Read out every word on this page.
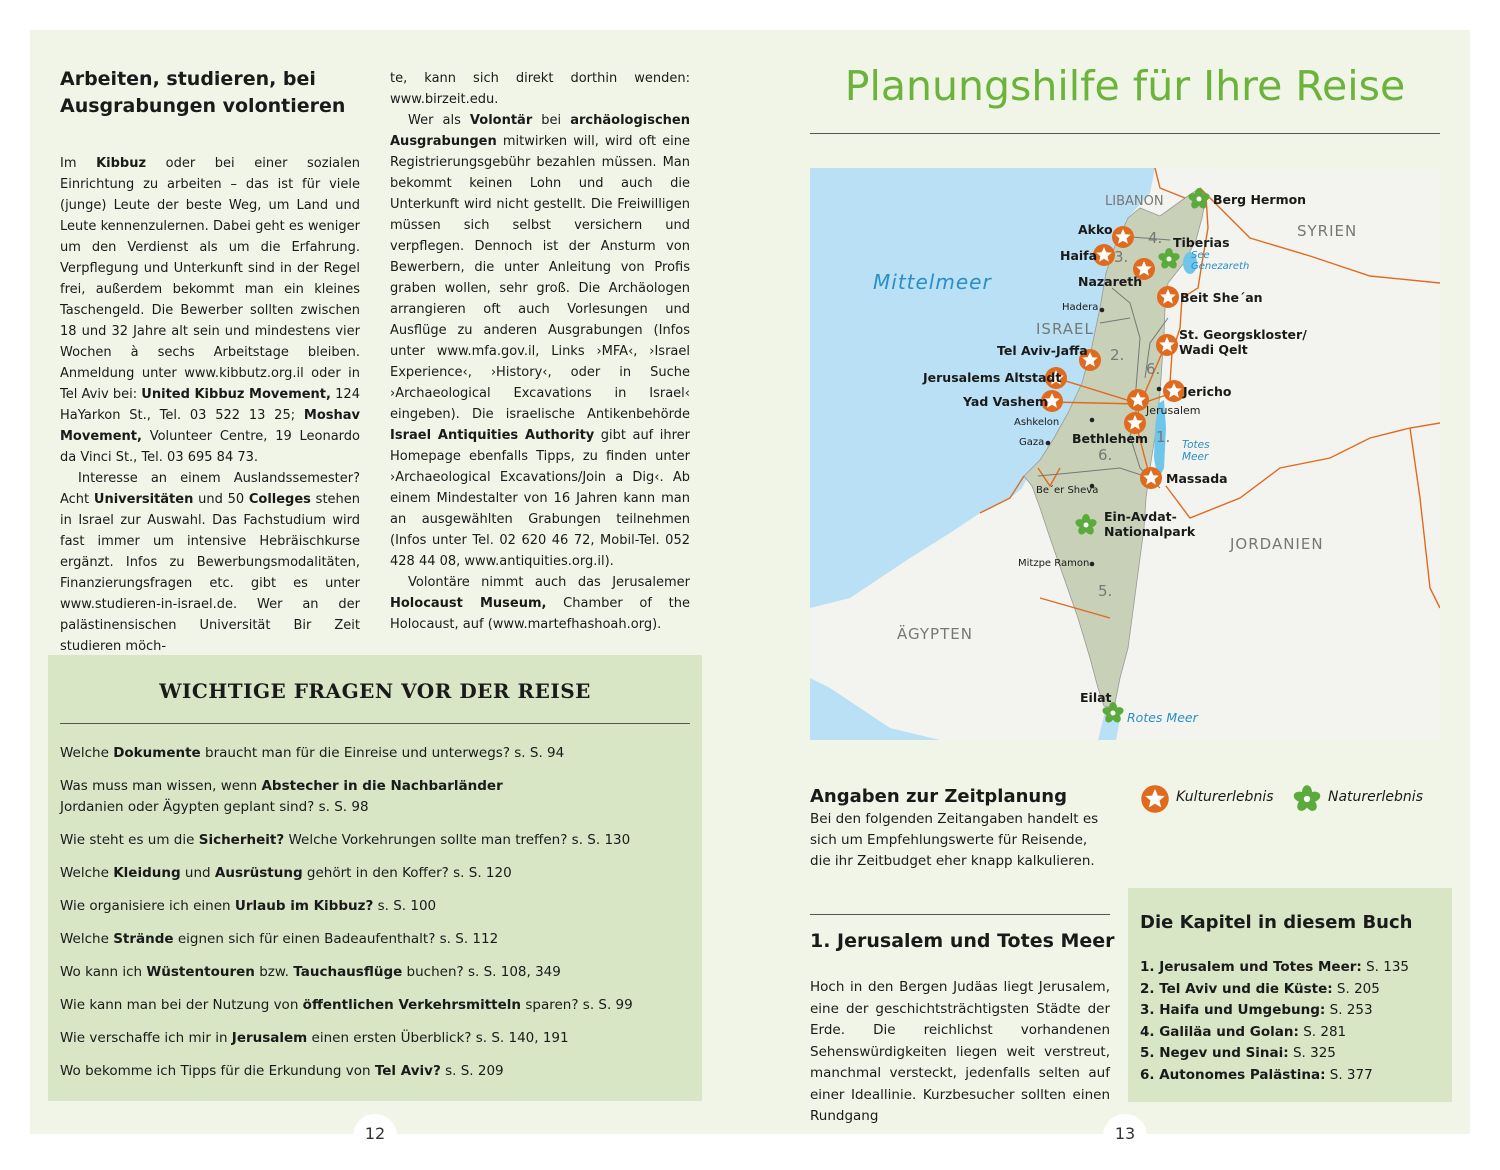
Arbeiten, studieren, bei

Ausgrabungen volontieren

Im Kibbuz oder bei einer sozialen Einrichtung zu arbeiten – das ist für viele (junge) Leute der beste Weg, um Land und Leute kennenzulernen. Dabei geht es weniger um den Verdienst als um die Erfahrung. Verpflegung und Unterkunft sind in der Regel frei, außerdem bekommt man ein kleines Taschengeld. Die Bewerber sollten zwischen 18 und 32 Jahre alt sein und mindestens vier Wochen à sechs Arbeitstage bleiben. Anmeldung unter www.kibbutz.org.il oder in Tel Aviv bei: United Kibbuz Movement, 124 HaYarkon St., Tel. 03 522 13 25; Moshav Movement, Volunteer Centre, 19 Leonardo da Vinci St., Tel. 03 695 84 73.

Interesse an einem Auslandssemester? Acht Universitäten und 50 Colleges stehen in Israel zur Auswahl. Das Fachstudium wird fast immer um intensive Hebräischkurse ergänzt. Infos zu Bewerbungsmodalitäten, Finanzierungsfragen etc. gibt es unter www.studieren-in-israel.de. Wer an der palästinensischen Universität Bir Zeit studieren möch-

te, kann sich direkt dorthin wenden: www.birzeit.edu.

Wer als Volontär bei archäologischen Ausgrabungen mitwirken will, wird oft eine Registrierungsgebühr bezahlen müssen. Man bekommt keinen Lohn und auch die Unterkunft wird nicht gestellt. Die Freiwilligen müssen sich selbst versichern und verpflegen. Dennoch ist der Ansturm von Bewerbern, die unter Anleitung von Profis graben wollen, sehr groß. Die Archäologen arrangieren oft auch Vorlesungen und Ausflüge zu anderen Ausgrabungen (Infos unter www.mfa.gov.il, Links ›MFA‹, ›Israel Experience‹, ›History‹, oder in Suche ›Archaeological Excavations in Israel‹ eingeben). Die israelische Antikenbehörde Israel Antiquities Authority gibt auf ihrer Homepage ebenfalls Tipps, zu finden unter ›Archaeological Excavations/Join a Dig‹. Ab einem Mindestalter von 16 Jahren kann man an ausgewählten Grabungen teilnehmen (Infos unter Tel. 02 620 46 72, Mobil-Tel. 052 428 44 08, www.antiquities.org.il).

Volontäre nimmt auch das Jerusalemer Holocaust Museum, Chamber of the Holocaust, auf (www.martefhashoah.org).

WICHTIGE FRAGEN VOR DER REISE
Welche Dokumente braucht man für die Einreise und unterwegs? s. S. 94
Was muss man wissen, wenn Abstecher in die Nachbarländer
Jordanien oder Ägypten geplant sind? s. S. 98
Wie steht es um die Sicherheit? Welche Vorkehrungen sollte man treffen? s. S. 130
Welche Kleidung und Ausrüstung gehört in den Koffer? s. S. 120
Wie organisiere ich einen Urlaub im Kibbuz? s. S. 100
Welche Strände eignen sich für einen Badeaufenthalt? s. S. 112
Wo kann ich Wüstentouren bzw. Tauchausflüge buchen? s. S. 108, 349
Wie kann man bei der Nutzung von öffentlichen Verkehrsmitteln sparen? s. S. 99
Wie verschaffe ich mir in Jerusalem einen ersten Überblick? s. S. 140, 191
Wo bekomme ich Tipps für die Erkundung von Tel Aviv? s. S. 209
12
Planungshilfe für Ihre Reise
Mittelmeer
LIBANON
SYRIEN
ISRAEL
JORDANIEN
ÄGYPTEN
Berg Hermon
Akko
Tiberias
See
Genezareth
Haifa
Nazareth
Beit She´an
Hadera
St. Georgskloster/
Wadi Qelt
Tel Aviv-Jaffa
Jerusalems Altstadt
Jericho
Yad Vashem
Jerusalem
Ashkelon
Gaza Bethlehem	Totes
Meer
Massada
Be´er Sheva
Ein-Avdat-
Nationalpark
Mitzpe Ramon
Eilat
Rotes Meer
1.
2.
3.
4.
5.
6.
6.
Kulturerlebnis	Naturerlebnis
Angaben zur Zeitplanung
Bei den folgenden Zeitangaben handelt es sich um Empfehlungswerte für Reisende, die ihr Zeitbudget eher knapp kalkulieren.
1. Jerusalem und Totes Meer
Hoch in den Bergen Judäas liegt Jerusalem, eine der geschichtsträchtigsten Städte der Erde. Die reichlichst vorhandenen Sehenswürdigkeiten liegen weit verstreut, manchmal versteckt, jedenfalls selten auf einer Ideallinie. Kurzbesucher sollten einen Rundgang
Die Kapitel in diesem Buch
1. Jerusalem und Totes Meer: S. 135
2. Tel Aviv und die Küste: S. 205
3. Haifa und Umgebung: S. 253
4. Galiläa und Golan: S. 281
5. Negev und Sinai: S. 325
6. Autonomes Palästina: S. 377
13
